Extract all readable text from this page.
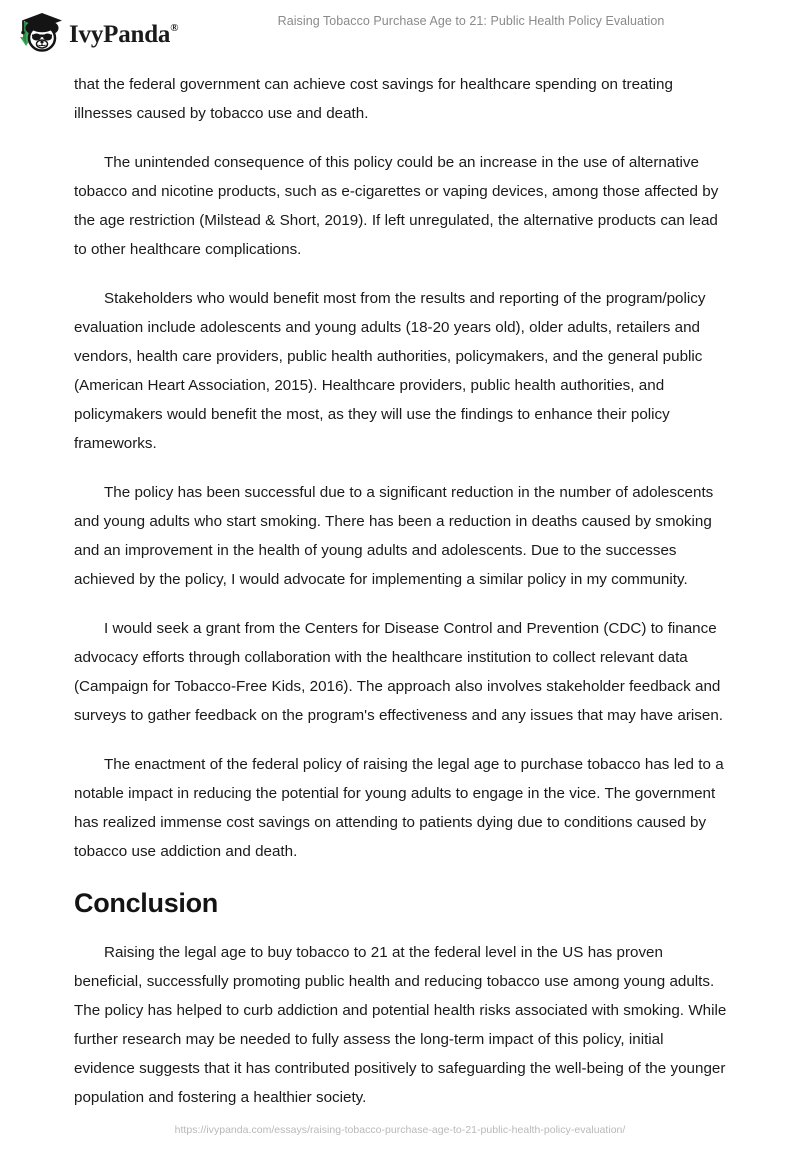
IvyPanda®	Raising Tobacco Purchase Age to 21: Public Health Policy Evaluation

that the federal government can achieve cost savings for healthcare spending on treating illnesses caused by tobacco use and death.

The unintended consequence of this policy could be an increase in the use of alternative tobacco and nicotine products, such as e-cigarettes or vaping devices, among those affected by the age restriction (Milstead & Short, 2019). If left unregulated, the alternative products can lead to other healthcare complications.

Stakeholders who would benefit most from the results and reporting of the program/policy evaluation include adolescents and young adults (18-20 years old), older adults, retailers and vendors, health care providers, public health authorities, policymakers, and the general public (American Heart Association, 2015). Healthcare providers, public health authorities, and policymakers would benefit the most, as they will use the findings to enhance their policy frameworks.

The policy has been successful due to a significant reduction in the number of adolescents and young adults who start smoking. There has been a reduction in deaths caused by smoking and an improvement in the health of young adults and adolescents. Due to the successes achieved by the policy, I would advocate for implementing a similar policy in my community.

I would seek a grant from the Centers for Disease Control and Prevention (CDC) to finance advocacy efforts through collaboration with the healthcare institution to collect relevant data (Campaign for Tobacco-Free Kids, 2016). The approach also involves stakeholder feedback and surveys to gather feedback on the program's effectiveness and any issues that may have arisen.

The enactment of the federal policy of raising the legal age to purchase tobacco has led to a notable impact in reducing the potential for young adults to engage in the vice. The government has realized immense cost savings on attending to patients dying due to conditions caused by tobacco use addiction and death.

Conclusion

Raising the legal age to buy tobacco to 21 at the federal level in the US has proven beneficial, successfully promoting public health and reducing tobacco use among young adults. The policy has helped to curb addiction and potential health risks associated with smoking. While further research may be needed to fully assess the long-term impact of this policy, initial evidence suggests that it has contributed positively to safeguarding the well-being of the younger population and fostering a healthier society.

https://ivypanda.com/essays/raising-tobacco-purchase-age-to-21-public-health-policy-evaluation/
